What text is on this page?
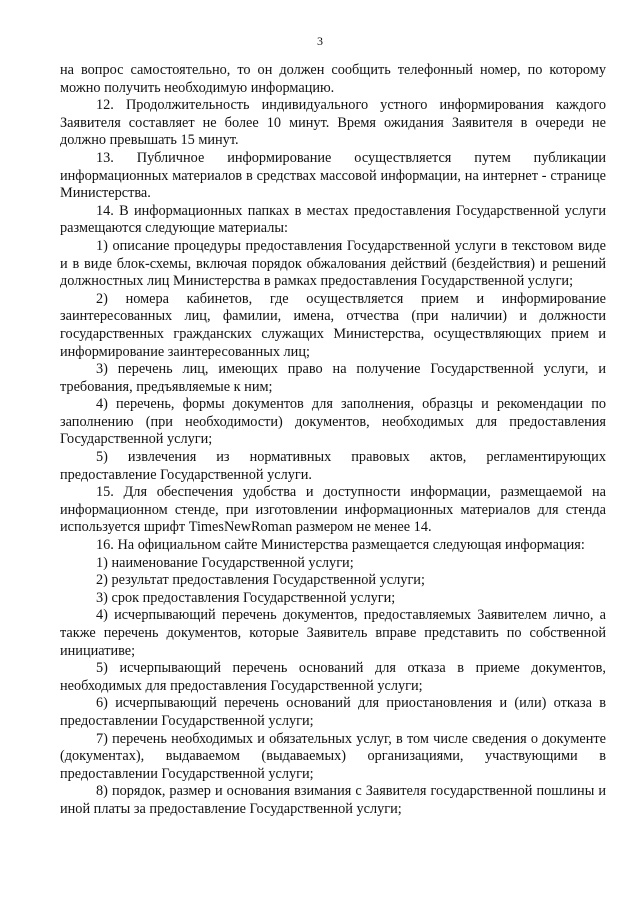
3

на вопрос самостоятельно, то он должен сообщить телефонный номер, по которому можно получить необходимую информацию.

12. Продолжительность индивидуального устного информирования каждого Заявителя составляет не более 10 минут. Время ожидания Заявителя в очереди не должно превышать 15 минут.

13. Публичное информирование осуществляется путем публикации информационных материалов в средствах массовой информации, на интернет - странице Министерства.

14. В информационных папках в местах предоставления Государственной услуги размещаются следующие материалы:

1) описание процедуры предоставления Государственной услуги в текстовом виде и в виде блок-схемы, включая порядок обжалования действий (бездействия) и решений должностных лиц Министерства в рамках предоставления Государственной услуги;

2) номера кабинетов, где осуществляется прием и информирование заинтересованных лиц, фамилии, имена, отчества (при наличии) и должности государственных гражданских служащих Министерства, осуществляющих прием и информирование заинтересованных лиц;

3) перечень лиц, имеющих право на получение Государственной услуги, и требования, предъявляемые к ним;

4) перечень, формы документов для заполнения, образцы и рекомендации по заполнению (при необходимости) документов, необходимых для предоставления Государственной услуги;

5) извлечения из нормативных правовых актов, регламентирующих предоставление Государственной услуги.

15. Для обеспечения удобства и доступности информации, размещаемой на информационном стенде, при изготовлении информационных материалов для стенда используется шрифт TimesNewRoman размером не менее 14.

16. На официальном сайте Министерства размещается следующая информация:

1) наименование Государственной услуги;

2) результат предоставления Государственной услуги;

3) срок предоставления Государственной услуги;

4) исчерпывающий перечень документов, предоставляемых Заявителем лично, а также перечень документов, которые Заявитель вправе представить по собственной инициативе;

5) исчерпывающий перечень оснований для отказа в приеме документов, необходимых для предоставления Государственной услуги;

6) исчерпывающий перечень оснований для приостановления и (или) отказа в предоставлении Государственной услуги;

7) перечень необходимых и обязательных услуг, в том числе сведения о документе (документах), выдаваемом (выдаваемых) организациями, участвующими в предоставлении Государственной услуги;

8) порядок, размер и основания взимания с Заявителя государственной пошлины и иной платы за предоставление Государственной услуги;
